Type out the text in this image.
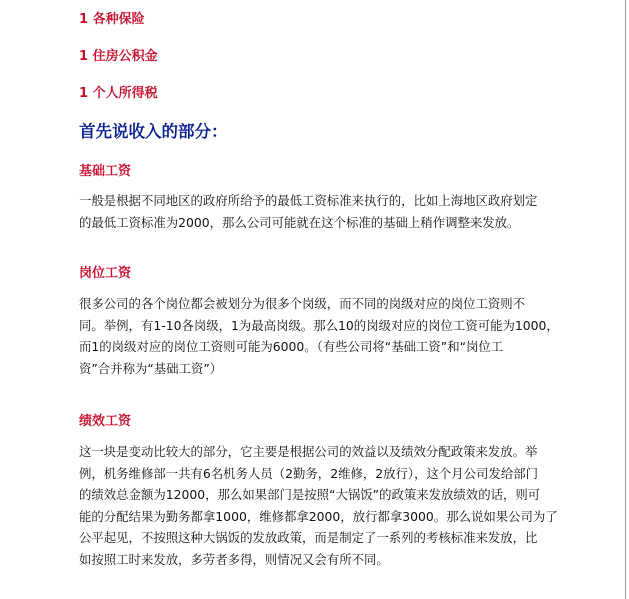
1 各种保险
1 住房公积金
1 个人所得税
首先说收入的部分：
基础工资
一般是根据不同地区的政府所给予的最低工资标准来执行的，比如上海地区政府划定
的最低工资标准为2000，那么公司可能就在这个标准的基础上稍作调整来发放。
岗位工资
很多公司的各个岗位都会被划分为很多个岗级，而不同的岗级对应的岗位工资则不
同。举例，有1-10各岗级，1为最高岗级。那么10的岗级对应的岗位工资可能为1000，
而1的岗级对应的岗位工资则可能为6000。（有些公司将“基础工资”和“岗位工
资”合并称为“基础工资”）
绩效工资
这一块是变动比较大的部分，它主要是根据公司的效益以及绩效分配政策来发放。举
例，机务维修部一共有6名机务人员（2勤务，2维修，2放行），这个月公司发给部门
的绩效总金额为12000，那么如果部门是按照“大锅饭”的政策来发放绩效的话，则可
能的分配结果为勤务都拿1000，维修都拿2000，放行都拿3000。那么说如果公司为了
公平起见，不按照这种大锅饭的发放政策，而是制定了一系列的考核标准来发放，比
如按照工时来发放，多劳者多得，则情况又会有所不同。
